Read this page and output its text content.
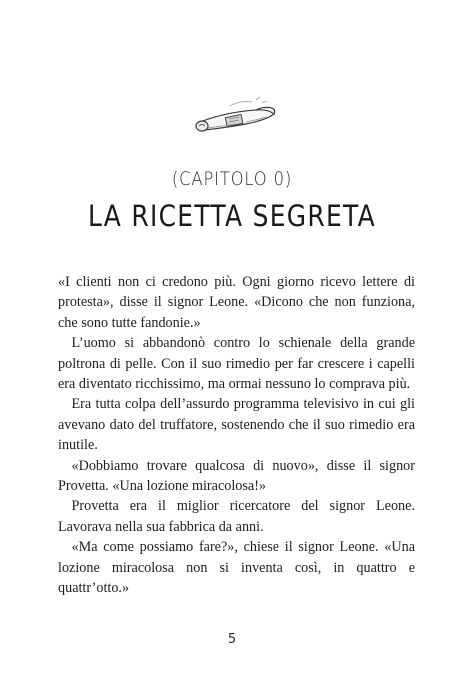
(CAPITOLO 0)
LA RICETTA SEGRETA

«I clienti non ci credono più. Ogni giorno ricevo lettere di protesta», disse il signor Leone. «Dicono che non funziona, che sono tutte fandonie.»

L’uomo si abbandonò contro lo schienale della grande poltrona di pelle. Con il suo rimedio per far crescere i capelli era diventato ricchissimo, ma ormai nessuno lo comprava più.

Era tutta colpa dell’assurdo programma televisivo in cui gli avevano dato del truffatore, sostenendo che il suo rimedio era inutile.

«Dobbiamo trovare qualcosa di nuovo», disse il signor Provetta. «Una lozione miracolosa!»

Provetta era il miglior ricercatore del signor Leone. Lavorava nella sua fabbrica da anni.

«Ma come possiamo fare?», chiese il signor Leone. «Una lozione miracolosa non si inventa così, in quattro e quattr’otto.»

5
